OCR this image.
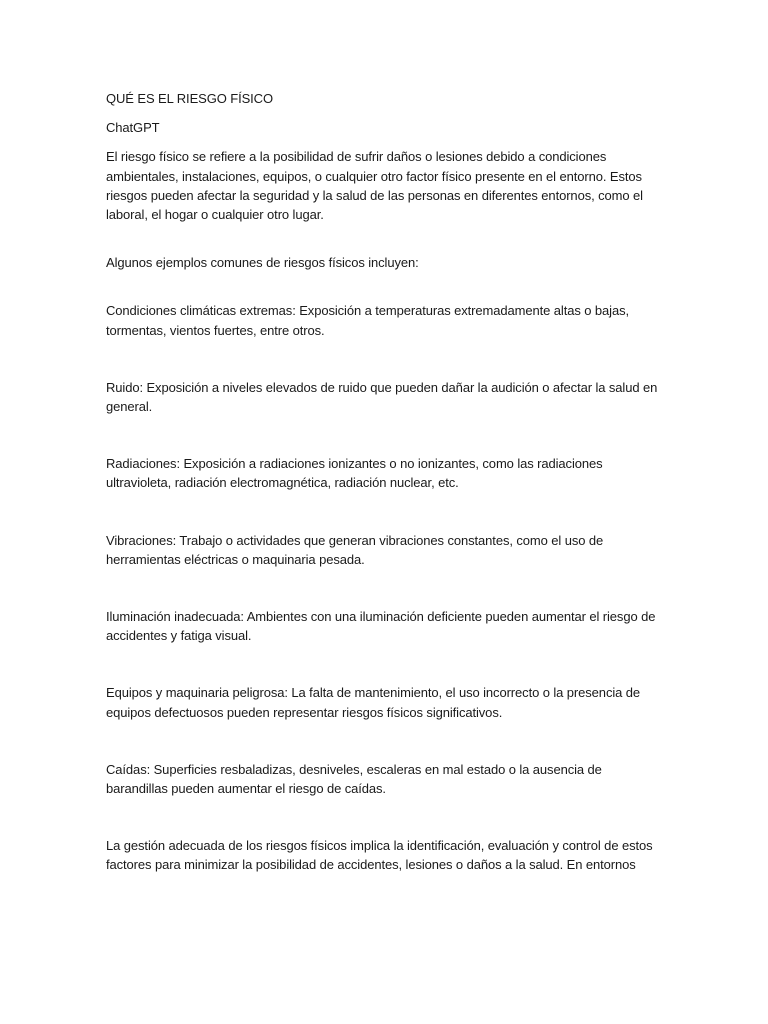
QUÉ ES EL RIESGO FÍSICO

ChatGPT

El riesgo físico se refiere a la posibilidad de sufrir daños o lesiones debido a condiciones ambientales, instalaciones, equipos, o cualquier otro factor físico presente en el entorno. Estos riesgos pueden afectar la seguridad y la salud de las personas en diferentes entornos, como el laboral, el hogar o cualquier otro lugar.

Algunos ejemplos comunes de riesgos físicos incluyen:

Condiciones climáticas extremas: Exposición a temperaturas extremadamente altas o bajas, tormentas, vientos fuertes, entre otros.

Ruido: Exposición a niveles elevados de ruido que pueden dañar la audición o afectar la salud en general.

Radiaciones: Exposición a radiaciones ionizantes o no ionizantes, como las radiaciones ultravioleta, radiación electromagnética, radiación nuclear, etc.

Vibraciones: Trabajo o actividades que generan vibraciones constantes, como el uso de herramientas eléctricas o maquinaria pesada.

Iluminación inadecuada: Ambientes con una iluminación deficiente pueden aumentar el riesgo de accidentes y fatiga visual.

Equipos y maquinaria peligrosa: La falta de mantenimiento, el uso incorrecto o la presencia de equipos defectuosos pueden representar riesgos físicos significativos.

Caídas: Superficies resbaladizas, desniveles, escaleras en mal estado o la ausencia de barandillas pueden aumentar el riesgo de caídas.

La gestión adecuada de los riesgos físicos implica la identificación, evaluación y control de estos factores para minimizar la posibilidad de accidentes, lesiones o daños a la salud. En entornos
